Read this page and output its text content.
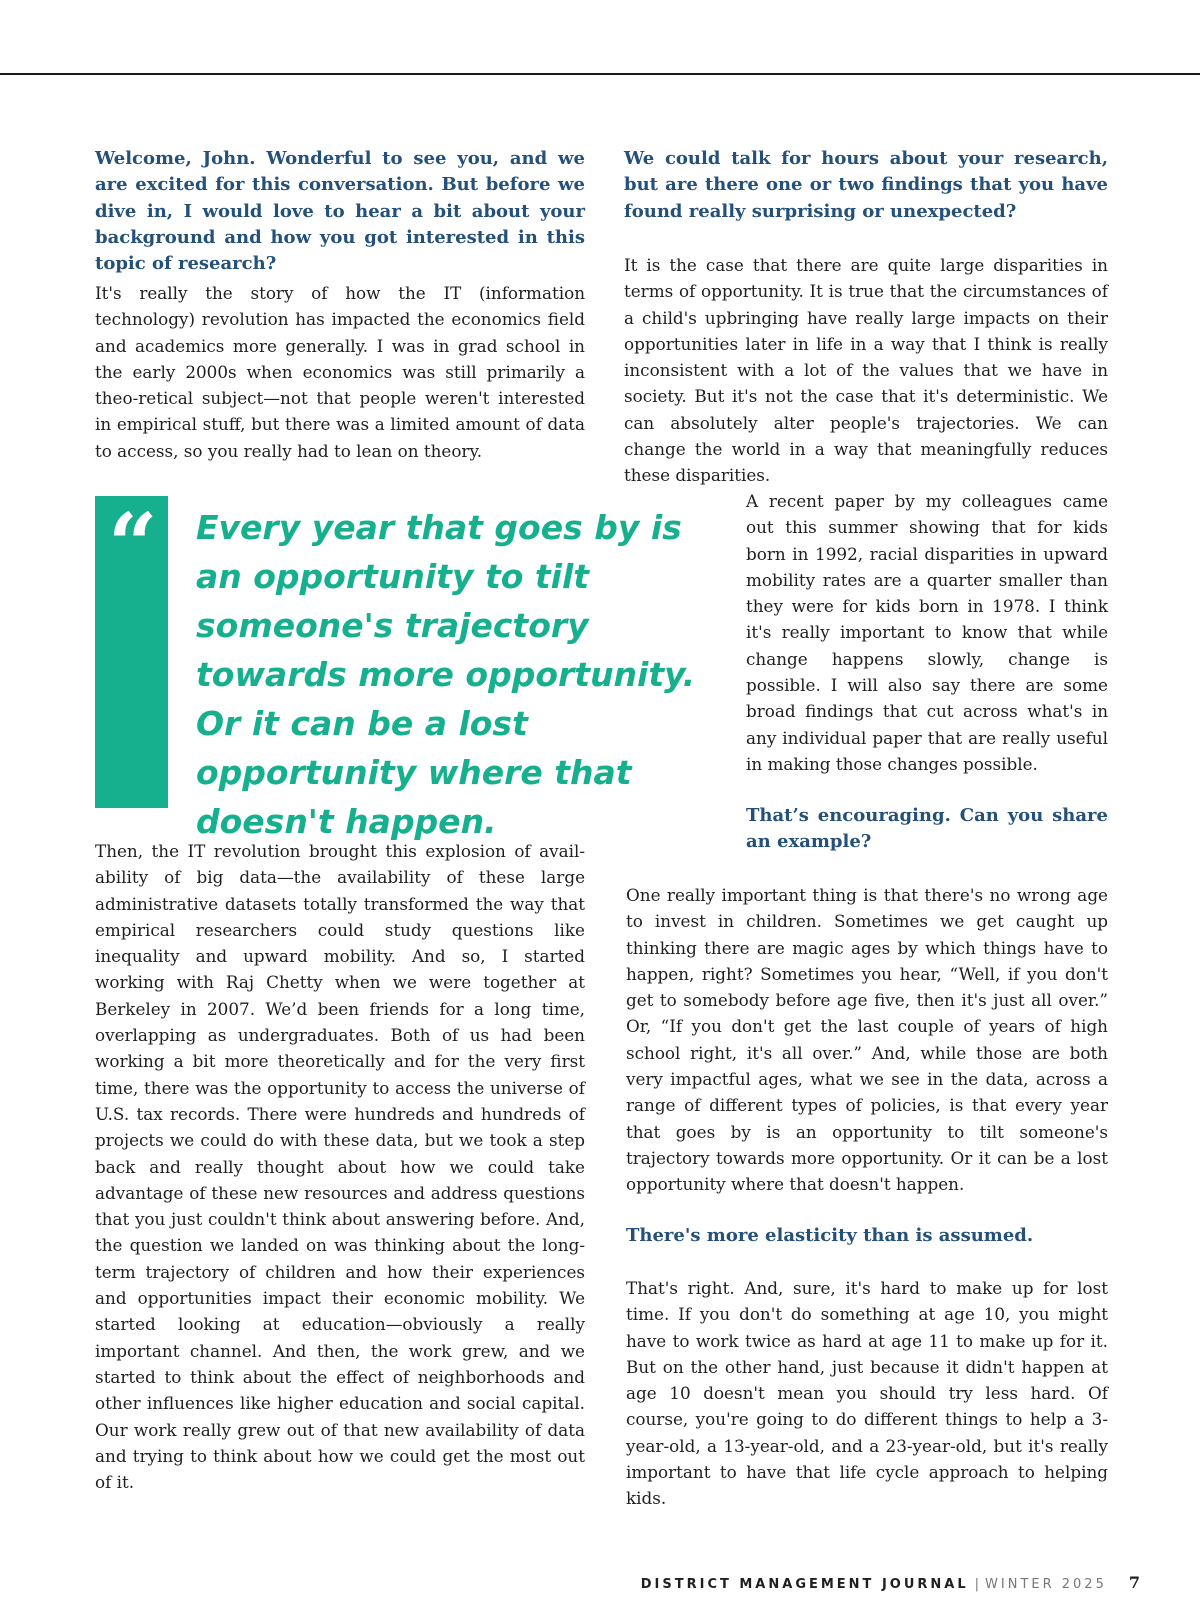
Welcome, John. Wonderful to see you, and we are excited for this conversation. But before we dive in, I would love to hear a bit about your background and how you got interested in this topic of research?

It's really the story of how the IT (information technology) revolution has impacted the economics field and academics more generally. I was in grad school in the early 2000s when economics was still primarily a theo-retical subject—not that people weren't interested in empirical stuff, but there was a limited amount of data to access, so you really had to lean on theory.

“	Every year that goes by is an opportunity to tilt someone's trajectory towards more opportunity. Or it can be a lost opportunity where that doesn't happen.

Then, the IT revolution brought this explosion of avail-ability of big data—the availability of these large administrative datasets totally transformed the way that empirical researchers could study questions like inequality and upward mobility. And so, I started working with Raj Chetty when we were together at Berkeley in 2007. We’d been friends for a long time, overlapping as undergraduates. Both of us had been working a bit more theoretically and for the very first time, there was the opportunity to access the universe of U.S. tax records. There were hundreds and hundreds of projects we could do with these data, but we took a step back and really thought about how we could take advantage of these new resources and address questions that you just couldn't think about answering before. And, the question we landed on was thinking about the long-term trajectory of children and how their experiences and opportunities impact their economic mobility. We started looking at education—obviously a really important channel. And then, the work grew, and we started to think about the effect of neighborhoods and other influences like higher education and social capital. Our work really grew out of that new availability of data and trying to think about how we could get the most out of it.

We could talk for hours about your research, but are there one or two findings that you have found really surprising or unexpected?

It is the case that there are quite large disparities in terms of opportunity. It is true that the circumstances of a child's upbringing have really large impacts on their opportunities later in life in a way that I think is really inconsistent with a lot of the values that we have in society. But it's not the case that it's deterministic. We can absolutely alter people's trajectories. We can change the world in a way that meaningfully reduces these disparities.

A recent paper by my colleagues came out this summer showing that for kids born in 1992, racial disparities in upward mobility rates are a quarter smaller than they were for kids born in 1978. I think it's really important to know that while change happens slowly, change is possible. I will also say there are some broad findings that cut across what's in any individual paper that are really useful in making those changes possible.

That’s encouraging. Can you share an example?

One really important thing is that there's no wrong age to invest in children. Sometimes we get caught up thinking there are magic ages by which things have to happen, right? Sometimes you hear, “Well, if you don't get to somebody before age five, then it's just all over.” Or, “If you don't get the last couple of years of high school right, it's all over.” And, while those are both very impactful ages, what we see in the data, across a range of different types of policies, is that every year that goes by is an opportunity to tilt someone's trajectory towards more opportunity. Or it can be a lost opportunity where that doesn't happen.

There's more elasticity than is assumed.

That's right. And, sure, it's hard to make up for lost time. If you don't do something at age 10, you might have to work twice as hard at age 11 to make up for it. But on the other hand, just because it didn't happen at age 10 doesn't mean you should try less hard. Of course, you're going to do different things to help a 3-year-old, a 13-year-old, and a 23-year-old, but it's really important to have that life cycle approach to helping kids.

DISTRICT MANAGEMENT JOURNAL | WINTER 2025 7
